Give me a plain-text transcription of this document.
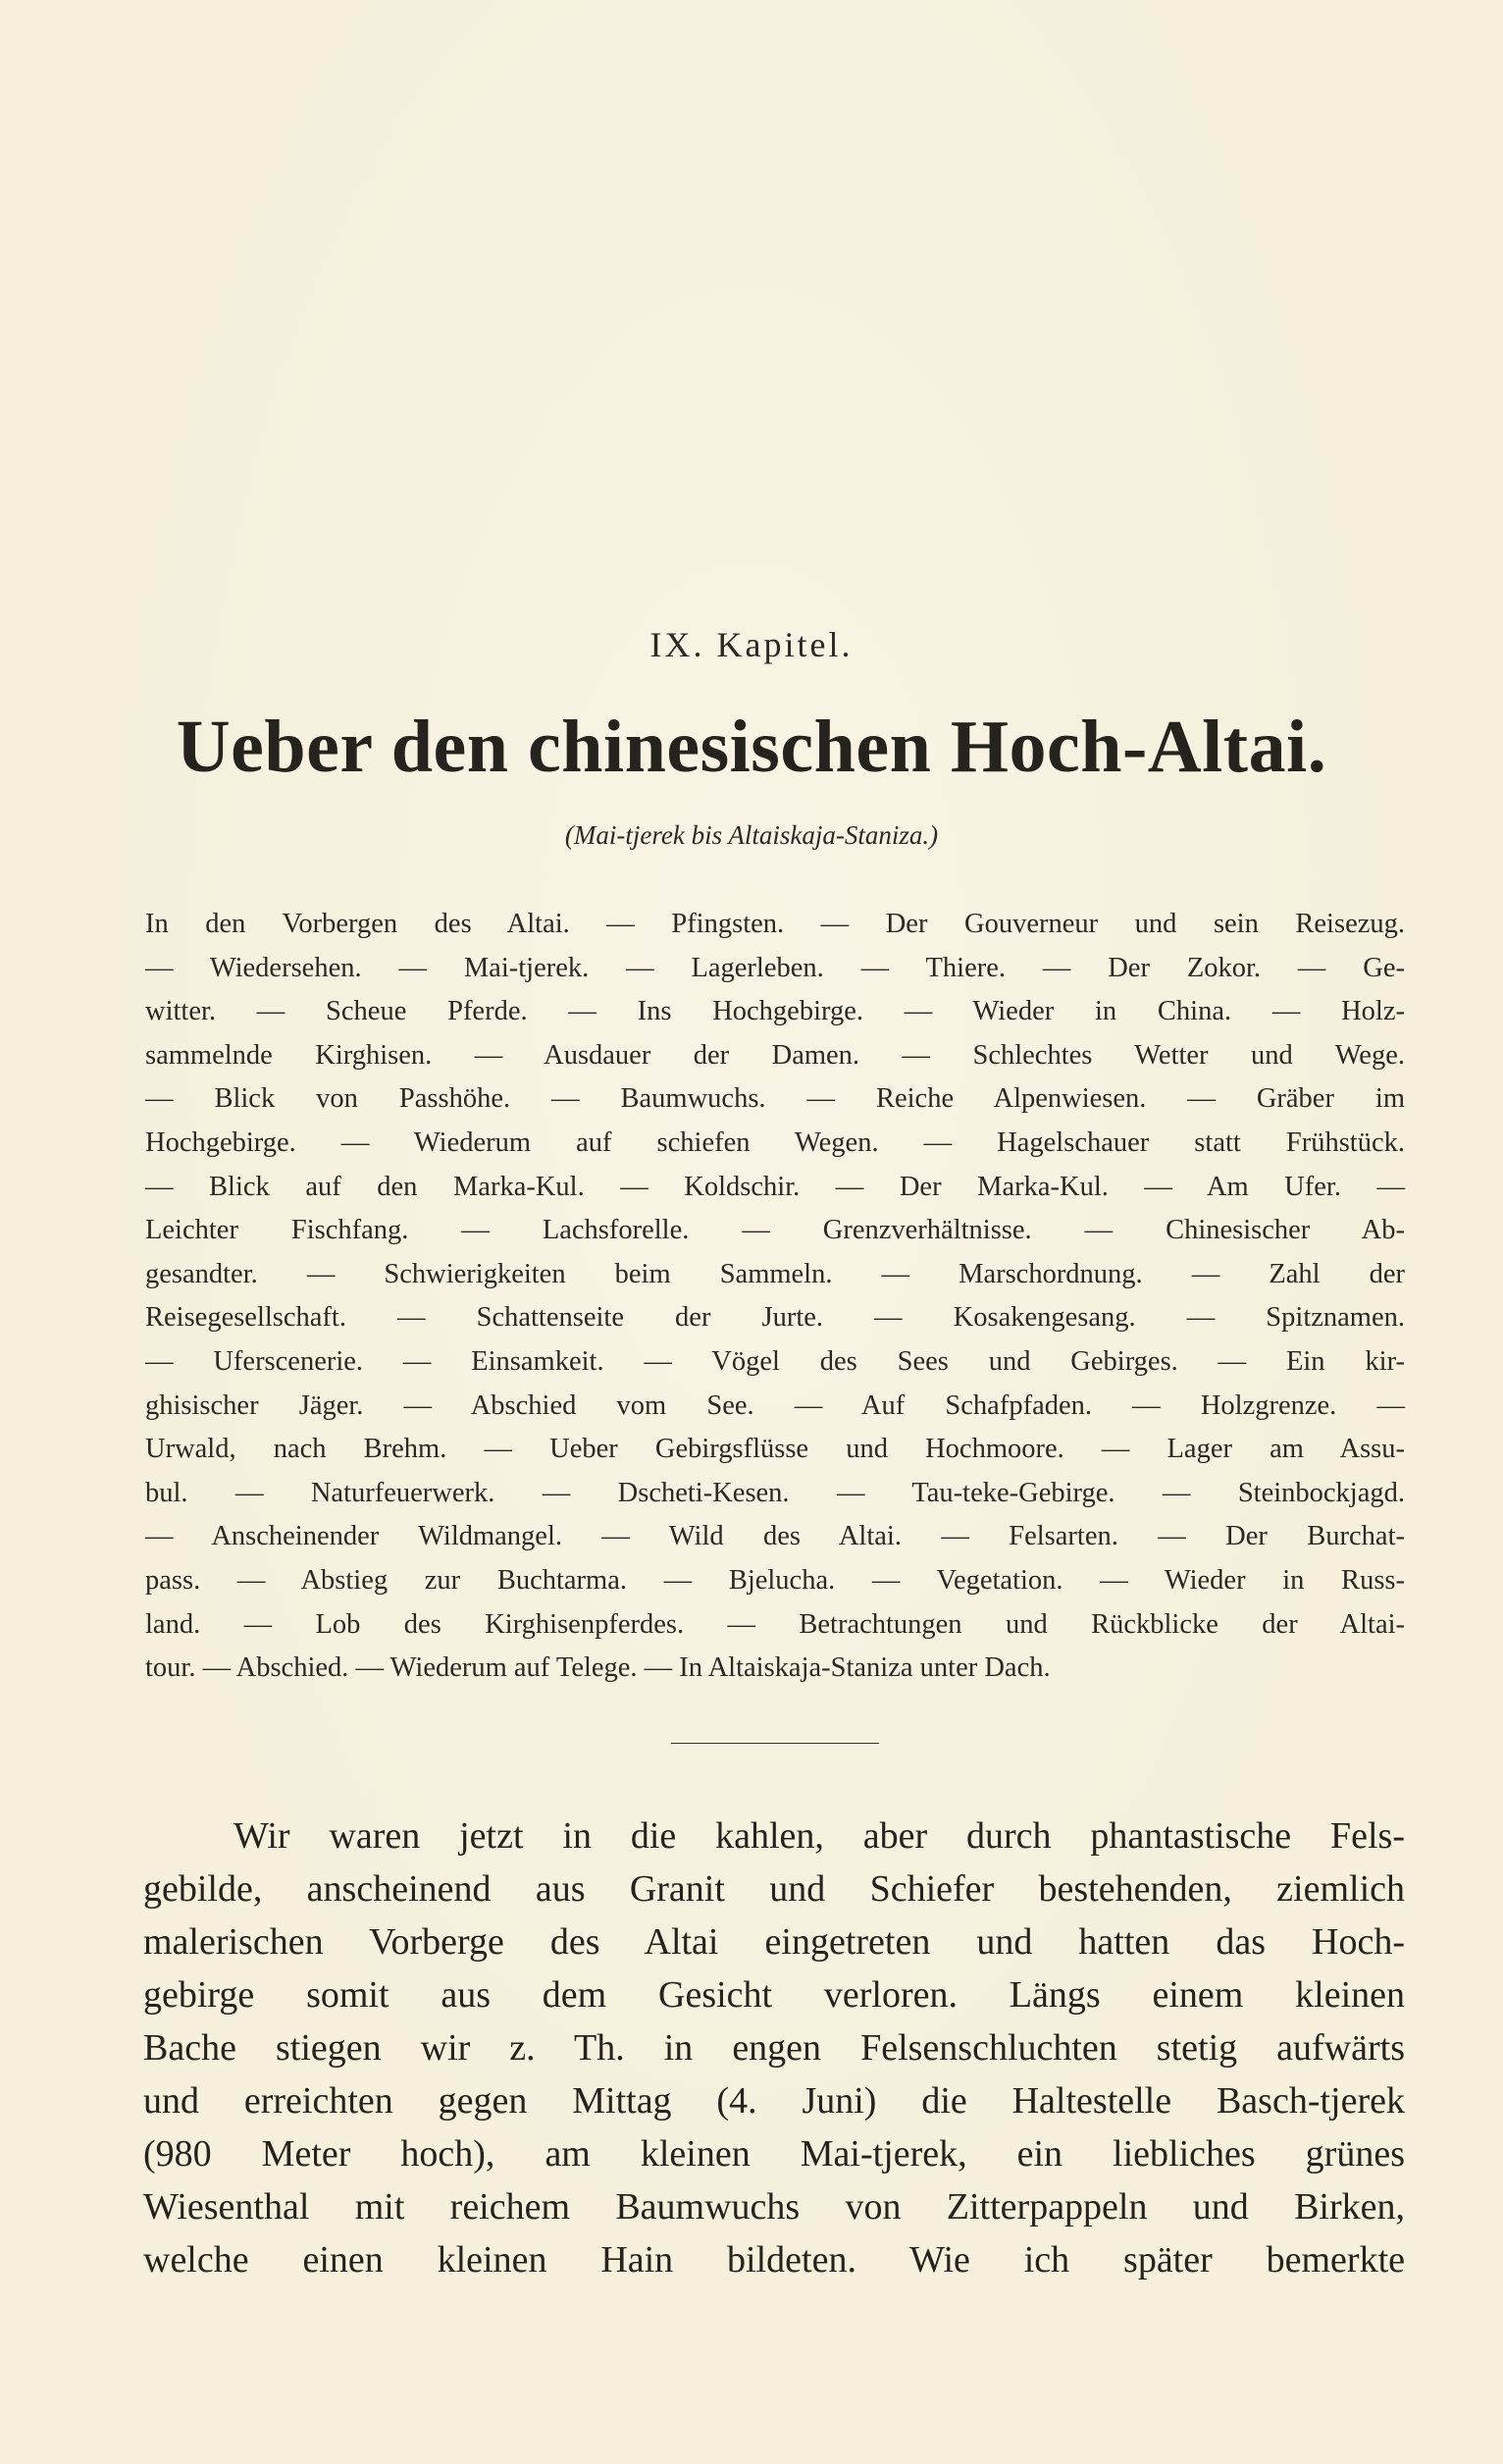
IX. Kapitel.
Ueber den chinesischen Hoch-Altai.
(Mai-tjerek bis Altaiskaja-Staniza.)
In den Vorbergen des Altai. — Pfingsten. — Der Gouverneur und sein Reisezug.
— Wiedersehen. — Mai-tjerek. — Lagerleben. — Thiere. — Der Zokor. — Ge-
witter. — Scheue Pferde. — Ins Hochgebirge. — Wieder in China. — Holz-
sammelnde Kirghisen. — Ausdauer der Damen. — Schlechtes Wetter und Wege.
— Blick von Passhöhe. — Baumwuchs. — Reiche Alpenwiesen. — Gräber im
Hochgebirge. — Wiederum auf schiefen Wegen. — Hagelschauer statt Frühstück.
— Blick auf den Marka-Kul. — Koldschir. — Der Marka-Kul. — Am Ufer. —
Leichter Fischfang. — Lachsforelle. — Grenzverhältnisse. — Chinesischer Ab-
gesandter. — Schwierigkeiten beim Sammeln. — Marschordnung. — Zahl der
Reisegesellschaft. — Schattenseite der Jurte. — Kosakengesang. — Spitznamen.
— Uferscenerie. — Einsamkeit. — Vögel des Sees und Gebirges. — Ein kir-
ghisischer Jäger. — Abschied vom See. — Auf Schafpfaden. — Holzgrenze. —
Urwald, nach Brehm. — Ueber Gebirgsflüsse und Hochmoore. — Lager am Assu-
bul. — Naturfeuerwerk. — Dscheti-Kesen. — Tau-teke-Gebirge. — Steinbockjagd.
— Anscheinender Wildmangel. — Wild des Altai. — Felsarten. — Der Burchat-
pass. — Abstieg zur Buchtarma. — Bjelucha. — Vegetation. — Wieder in Russ-
land. — Lob des Kirghisenpferdes. — Betrachtungen und Rückblicke der Altai-
tour. — Abschied. — Wiederum auf Telege. — In Altaiskaja-Staniza unter Dach.
Wir waren jetzt in die kahlen, aber durch phantastische Fels-
gebilde, anscheinend aus Granit und Schiefer bestehenden, ziemlich
malerischen Vorberge des Altai eingetreten und hatten das Hoch-
gebirge somit aus dem Gesicht verloren. Längs einem kleinen
Bache stiegen wir z. Th. in engen Felsenschluchten stetig aufwärts
und erreichten gegen Mittag (4. Juni) die Haltestelle Basch-tjerek
(980 Meter hoch), am kleinen Mai-tjerek, ein liebliches grünes
Wiesenthal mit reichem Baumwuchs von Zitterpappeln und Birken,
welche einen kleinen Hain bildeten. Wie ich später bemerkte
